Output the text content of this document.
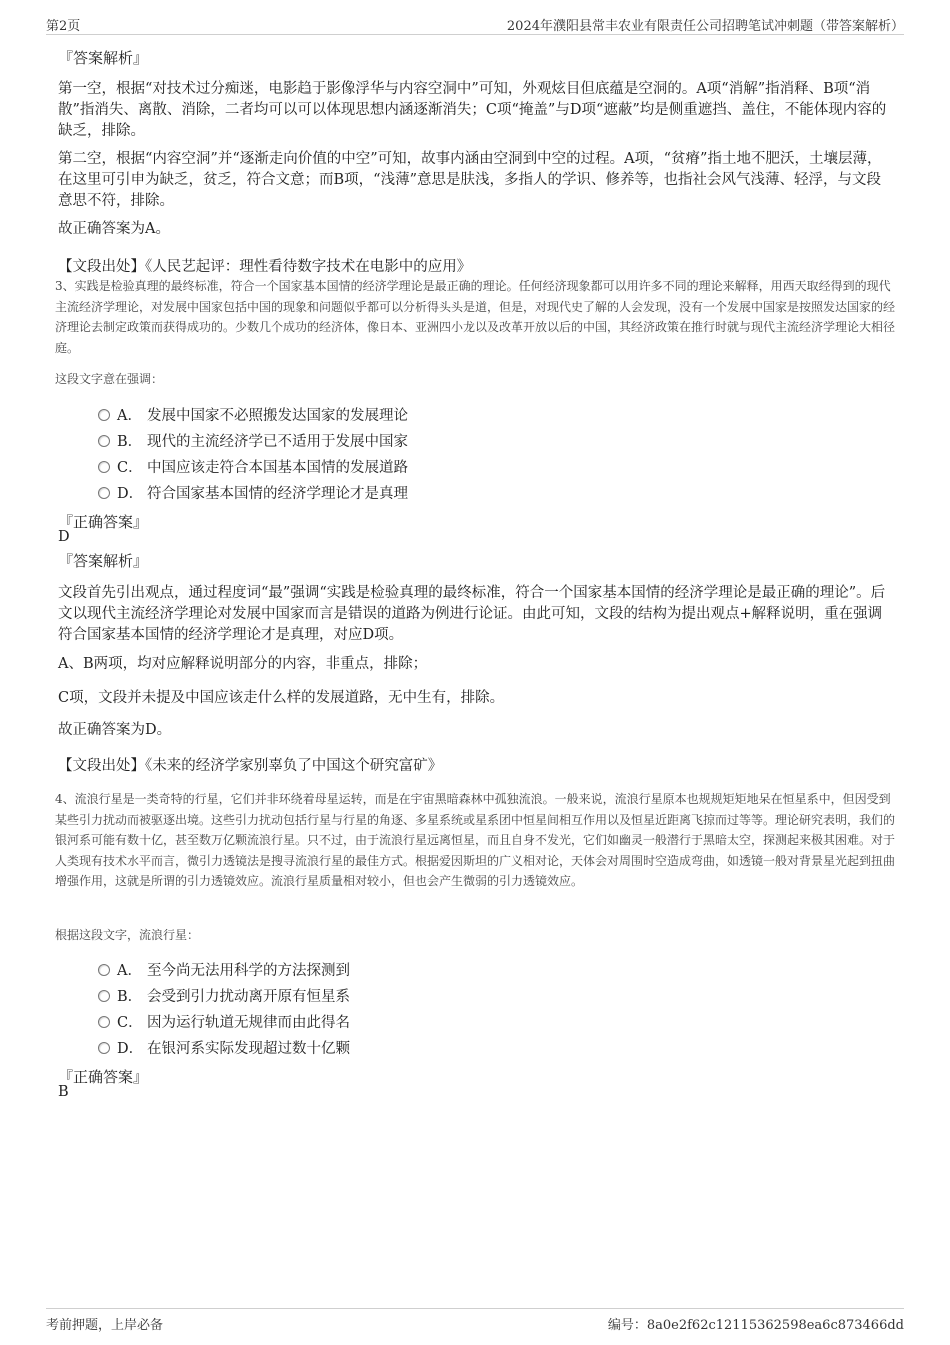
第2页	2024年濮阳县常丰农业有限责任公司招聘笔试冲刺题（带答案解析）
『答案解析』
第一空，根据“对技术过分痴迷，电影趋于影像浮华与内容空洞中”可知，外观炫目但底蕴是空洞的。A项“消解”指消释、B项“消散”指消失、离散、消除，二者均可以可以体现思想内涵逐渐消失；C项“掩盖”与D项“遮蔽”均是侧重遮挡、盖住，不能体现内容的缺乏，排除。
第二空，根据“内容空洞”并“逐渐走向价值的中空”可知，故事内涵由空洞到中空的过程。A项，“贫瘠”指土地不肥沃，土壤层薄，在这里可引申为缺乏，贫乏，符合文意；而B项，“浅薄”意思是肤浅，多指人的学识、修养等，也指社会风气浅薄、轻浮，与文段意思不符，排除。
故正确答案为A。
【文段出处】《人民艺起评：理性看待数字技术在电影中的应用》
3、实践是检验真理的最终标准，符合一个国家基本国情的经济学理论是最正确的理论。任何经济现象都可以用许多不同的理论来解释，用西天取经得到的现代主流经济学理论，对发展中国家包括中国的现象和问题似乎都可以分析得头头是道，但是，对现代史了解的人会发现，没有一个发展中国家是按照发达国家的经济理论去制定政策而获得成功的。少数几个成功的经济体，像日本、亚洲四小龙以及改革开放以后的中国，其经济政策在推行时就与现代主流经济学理论大相径庭。
这段文字意在强调：
A． 发展中国家不必照搬发达国家的发展理论
B． 现代的主流经济学已不适用于发展中国家
C． 中国应该走符合本国基本国情的发展道路
D． 符合国家基本国情的经济学理论才是真理
『正确答案』
D
『答案解析』
文段首先引出观点，通过程度词“最”强调“实践是检验真理的最终标准，符合一个国家基本国情的经济学理论是最正确的理论”。后文以现代主流经济学理论对发展中国家而言是错误的道路为例进行论证。由此可知，文段的结构为提出观点+解释说明，重在强调符合国家基本国情的经济学理论才是真理，对应D项。
A、B两项，均对应解释说明部分的内容，非重点，排除；
C项，文段并未提及中国应该走什么样的发展道路，无中生有，排除。
故正确答案为D。
【文段出处】《未来的经济学家别辜负了中国这个研究富矿》
4、流浪行星是一类奇特的行星，它们并非环绕着母星运转，而是在宇宙黑暗森林中孤独流浪。一般来说，流浪行星原本也规规矩矩地呆在恒星系中，但因受到某些引力扰动而被驱逐出境。这些引力扰动包括行星与行星的角逐、多星系统或星系团中恒星间相互作用以及恒星近距离飞掠而过等等。理论研究表明，我们的银河系可能有数十亿，甚至数万亿颗流浪行星。只不过，由于流浪行星远离恒星，而且自身不发光，它们如幽灵一般潜行于黑暗太空，探测起来极其困难。对于人类现有技术水平而言，微引力透镜法是搜寻流浪行星的最佳方式。根据爱因斯坦的广义相对论，天体会对周围时空造成弯曲，如透镜一般对背景星光起到扭曲增强作用，这就是所谓的引力透镜效应。流浪行星质量相对较小，但也会产生微弱的引力透镜效应。
根据这段文字，流浪行星：
A． 至今尚无法用科学的方法探测到
B． 会受到引力扰动离开原有恒星系
C． 因为运行轨道无规律而由此得名
D． 在银河系实际发现超过数十亿颗
『正确答案』
B
考前押题，上岸必备	编号：8a0e2f62c12115362598ea6c873466dd
